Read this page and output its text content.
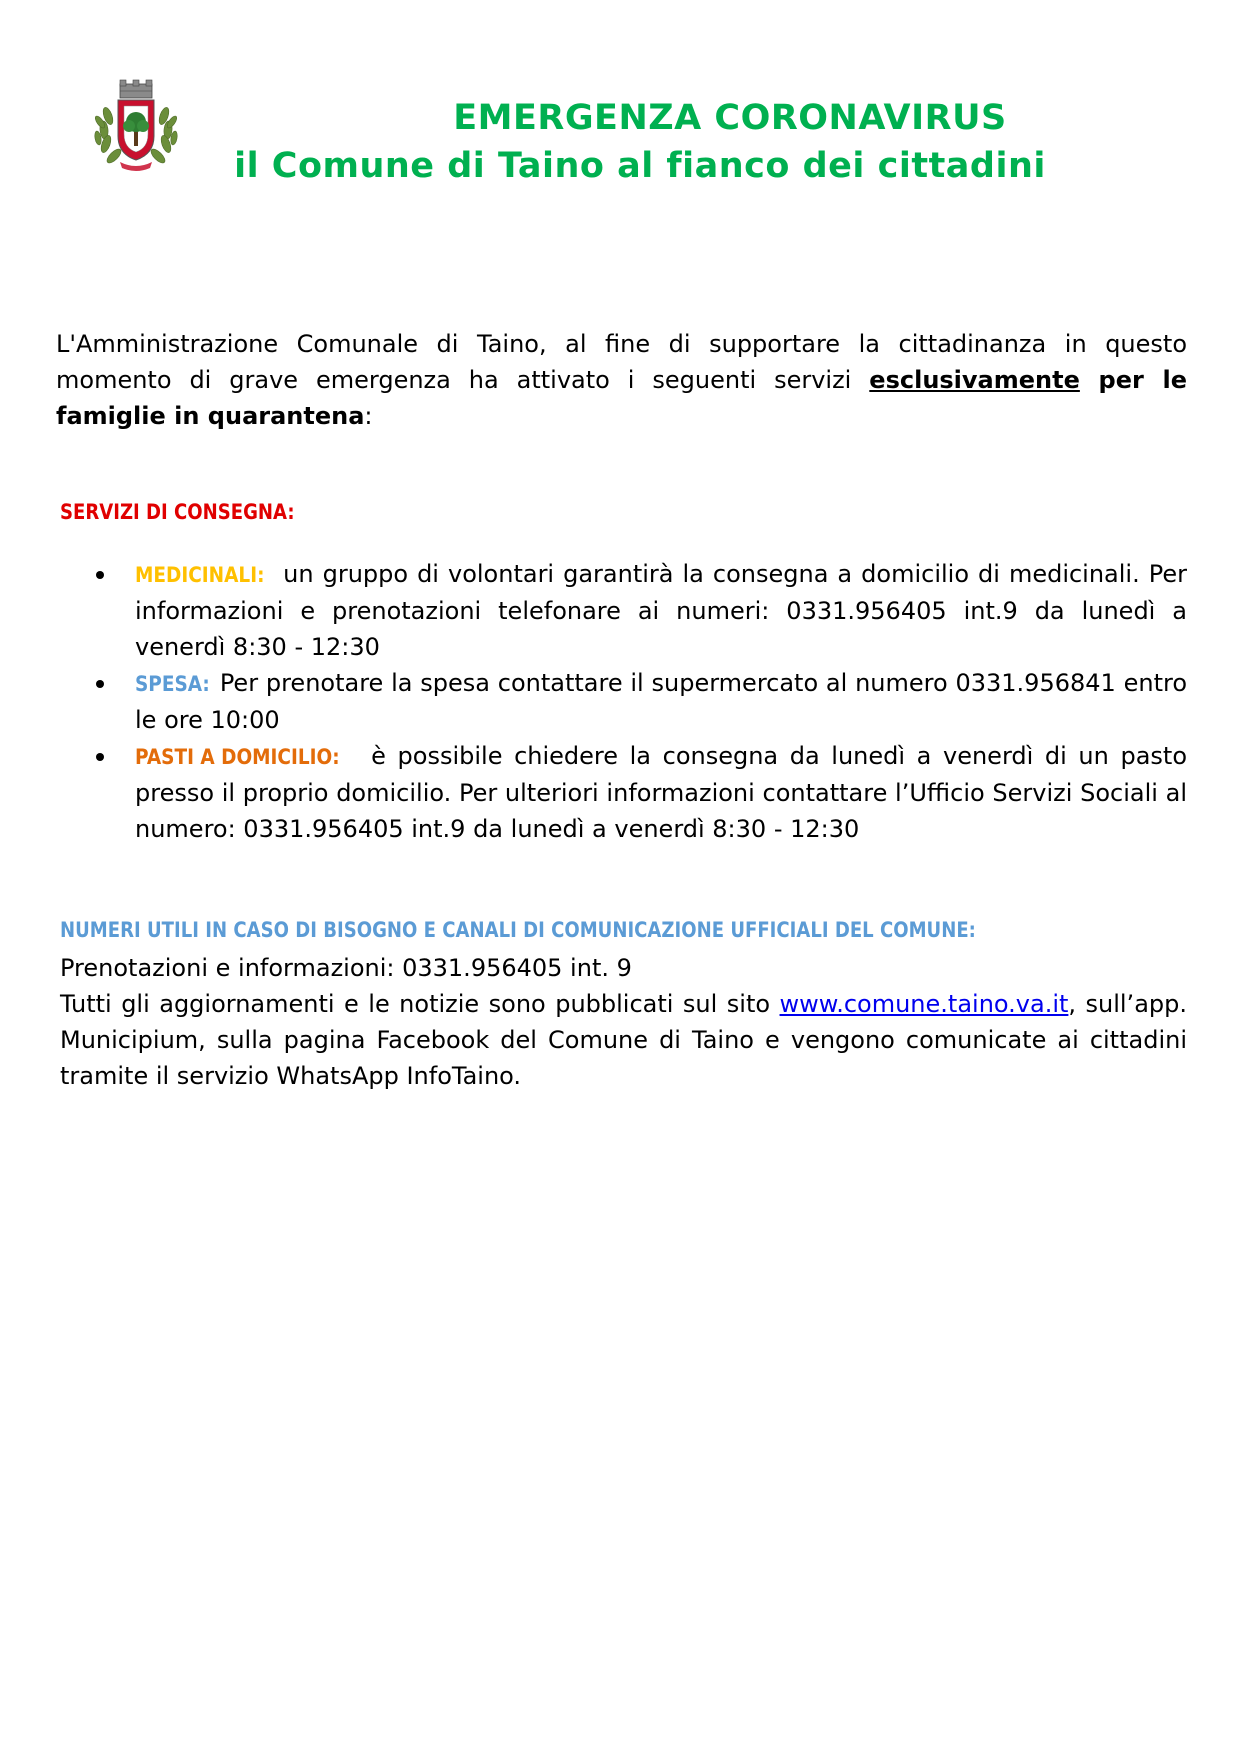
EMERGENZA CORONAVIRUS
il Comune di Taino al fianco dei cittadini
L'Amministrazione Comunale di Taino, al fine di supportare la cittadinanza in questo momento di grave emergenza ha attivato i seguenti servizi esclusivamente per le famiglie in quarantena:
SERVIZI DI CONSEGNA:
MEDICINALI: un gruppo di volontari garantirà la consegna a domicilio di medicinali. Per informazioni e prenotazioni telefonare ai numeri: 0331.956405 int.9 da lunedì a venerdì 8:30 - 12:30
SPESA: Per prenotare la spesa contattare il supermercato al numero 0331.956841 entro le ore 10:00
PASTI A DOMICILIO: è possibile chiedere la consegna da lunedì a venerdì di un pasto presso il proprio domicilio. Per ulteriori informazioni contattare l’Ufficio Servizi Sociali al numero: 0331.956405 int.9 da lunedì a venerdì 8:30 - 12:30
NUMERI UTILI IN CASO DI BISOGNO E CANALI DI COMUNICAZIONE UFFICIALI DEL COMUNE:

Prenotazioni e informazioni: 0331.956405 int. 9

Tutti gli aggiornamenti e le notizie sono pubblicati sul sito www.comune.taino.va.it, sull’app. Municipium, sulla pagina Facebook del Comune di Taino e vengono comunicate ai cittadini tramite il servizio WhatsApp InfoTaino.
